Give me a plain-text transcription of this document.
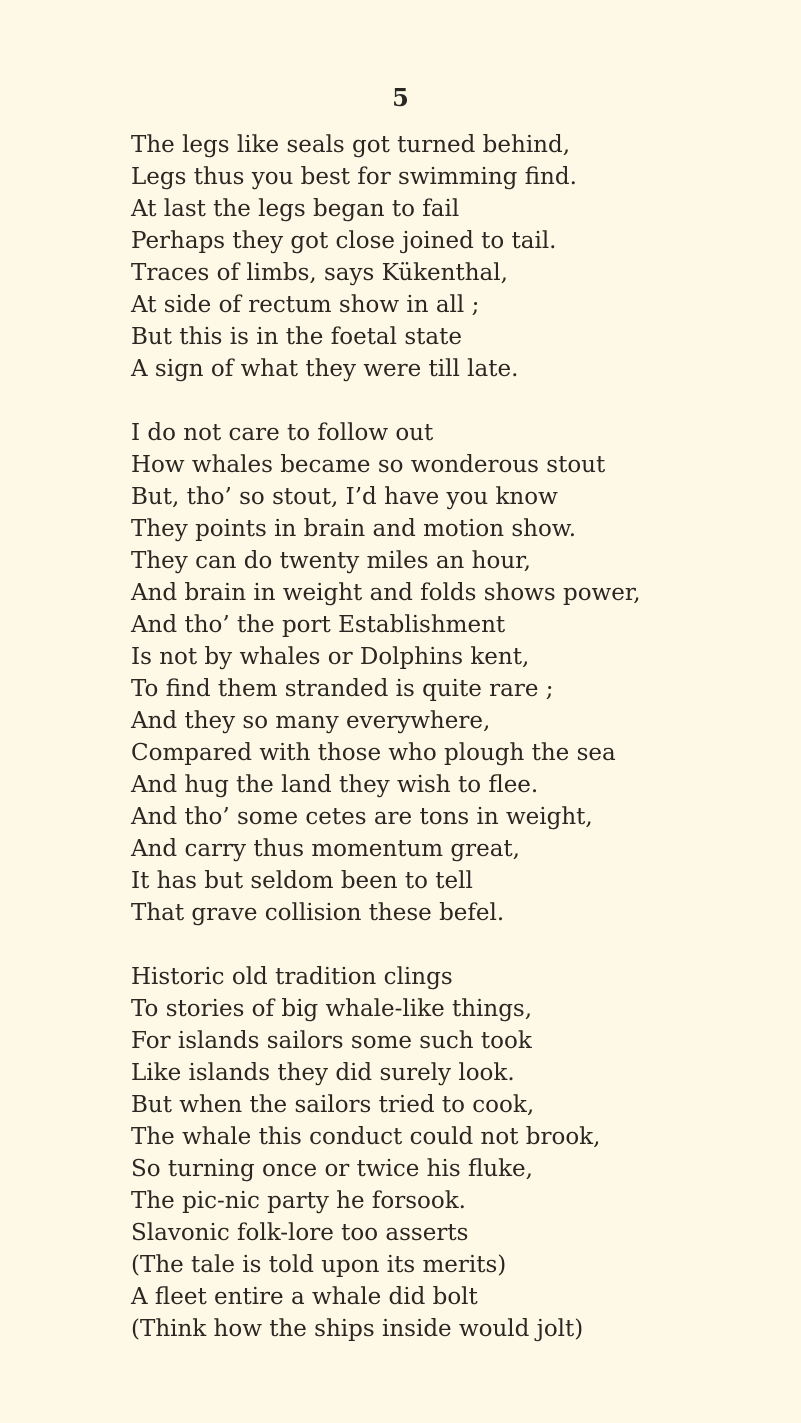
5
The legs like seals got turned behind,
Legs thus you best for swimming find.
At last the legs began to fail
Perhaps they got close joined to tail.
Traces of limbs, says Kükenthal,
At side of rectum show in all ;
But this is in the foetal state
A sign of what they were till late.
I do not care to follow out
How whales became so wonderous stout
But, tho’ so stout, I’d have you know
They points in brain and motion show.
They can do twenty miles an hour,
And brain in weight and folds shows power,
And tho’ the port Establishment
Is not by whales or Dolphins kent,
To find them stranded is quite rare ;
And they so many everywhere,
Compared with those who plough the sea
And hug the land they wish to flee.
And tho’ some cetes are tons in weight,
And carry thus momentum great,
It has but seldom been to tell
That grave collision these befel.
Historic old tradition clings
To stories of big whale-like things,
For islands sailors some such took
Like islands they did surely look.
But when the sailors tried to cook,
The whale this conduct could not brook,
So turning once or twice his fluke,
The pic-nic party he forsook.
Slavonic folk-lore too asserts
(The tale is told upon its merits)
A fleet entire a whale did bolt
(Think how the ships inside would jolt)
